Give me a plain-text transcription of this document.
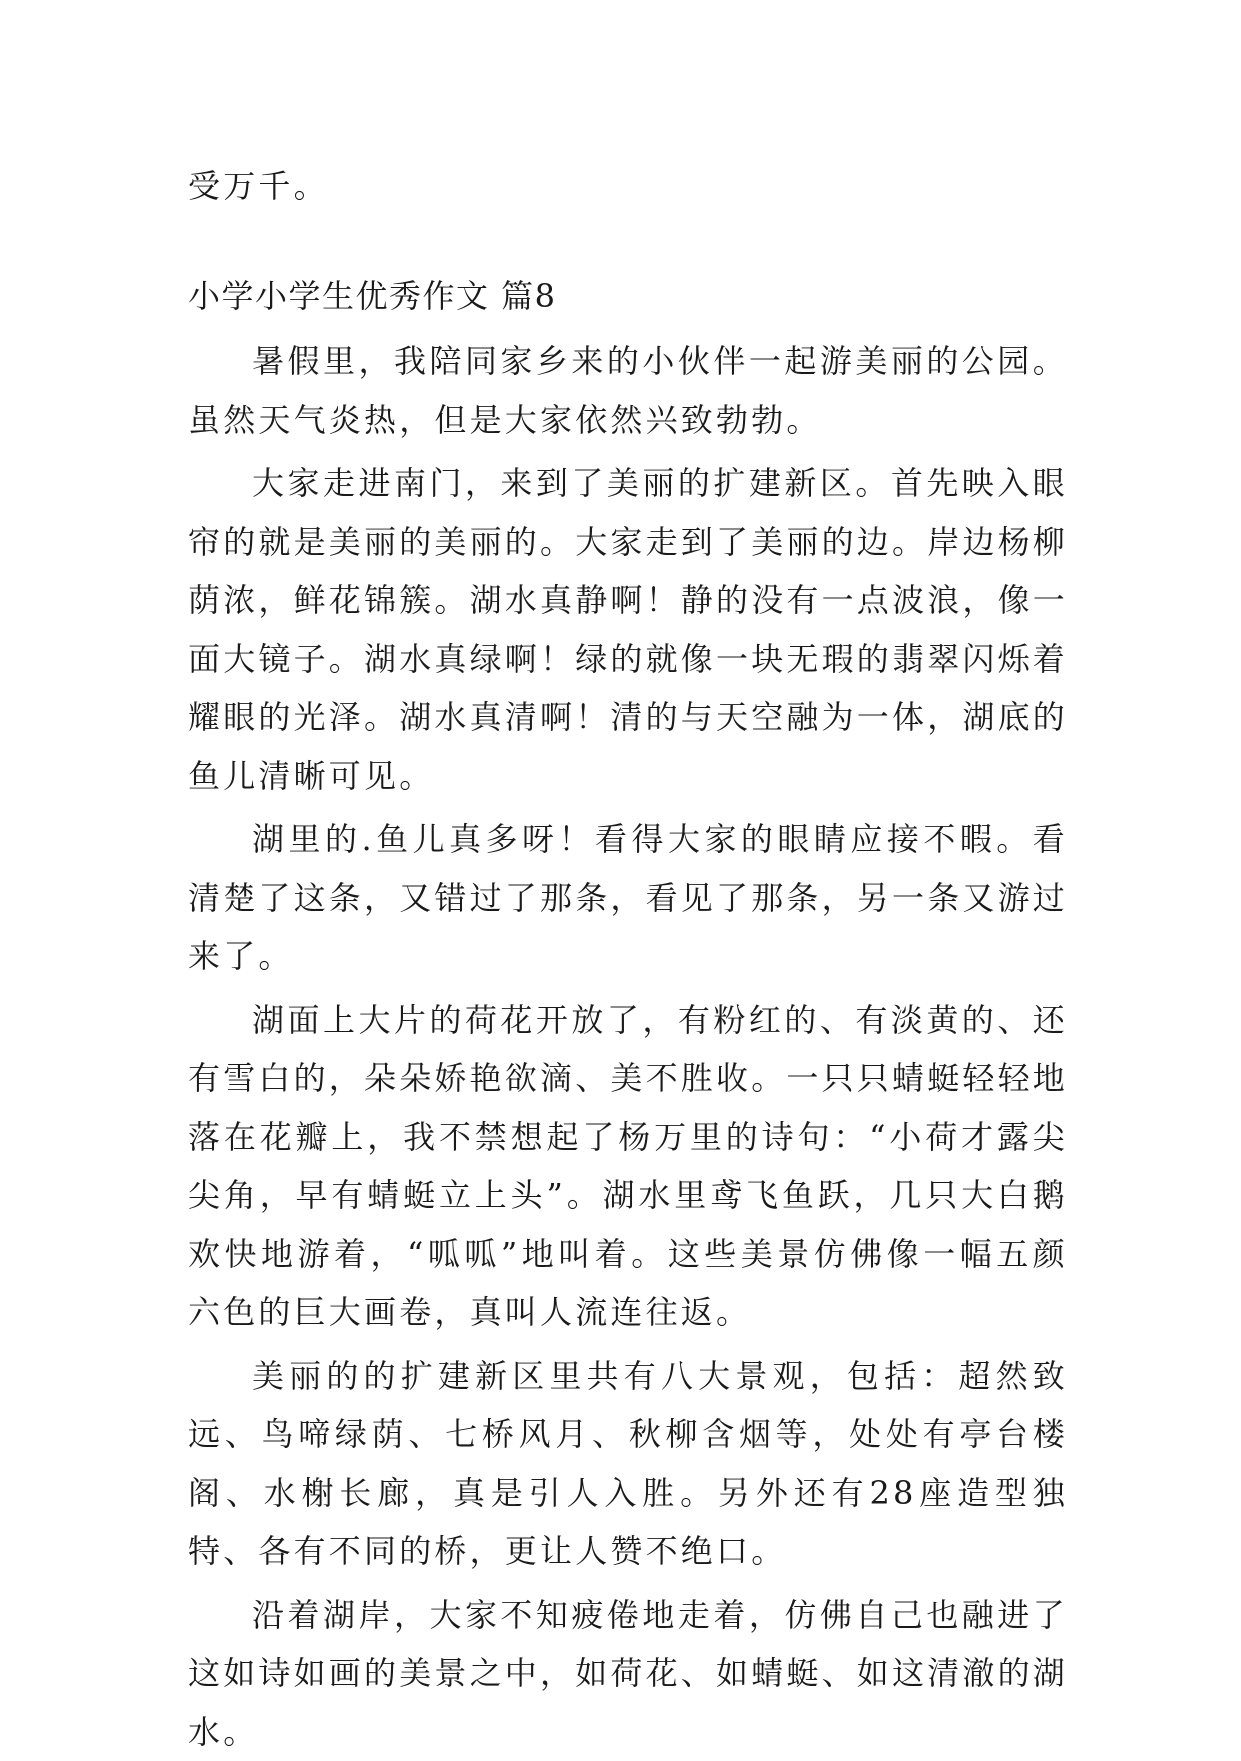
受万千。
小学小学生优秀作文 篇8

暑假里，我陪同家乡来的小伙伴一起游美丽的公园。虽然天气炎热，但是大家依然兴致勃勃。

大家走进南门，来到了美丽的扩建新区。首先映入眼帘的就是美丽的美丽的。大家走到了美丽的边。岸边杨柳荫浓，鲜花锦簇。湖水真静啊！静的没有一点波浪，像一面大镜子。湖水真绿啊！绿的就像一块无瑕的翡翠闪烁着耀眼的光泽。湖水真清啊！清的与天空融为一体，湖底的鱼儿清晰可见。

湖里的.鱼儿真多呀！看得大家的眼睛应接不暇。看清楚了这条，又错过了那条，看见了那条，另一条又游过来了。

湖面上大片的荷花开放了，有粉红的、有淡黄的、还有雪白的，朵朵娇艳欲滴、美不胜收。一只只蜻蜓轻轻地落在花瓣上，我不禁想起了杨万里的诗句：“小荷才露尖尖角，早有蜻蜓立上头”。湖水里鸢飞鱼跃，几只大白鹅欢快地游着，“呱呱”地叫着。这些美景仿佛像一幅五颜六色的巨大画卷，真叫人流连往返。

美丽的的扩建新区里共有八大景观，包括：超然致远、鸟啼绿荫、七桥风月、秋柳含烟等，处处有亭台楼阁、水榭长廊，真是引人入胜。另外还有28座造型独特、各有不同的桥，更让人赞不绝口。

沿着湖岸，大家不知疲倦地走着，仿佛自己也融进了这如诗如画的美景之中，如荷花、如蜻蜓、如这清澈的湖水。
